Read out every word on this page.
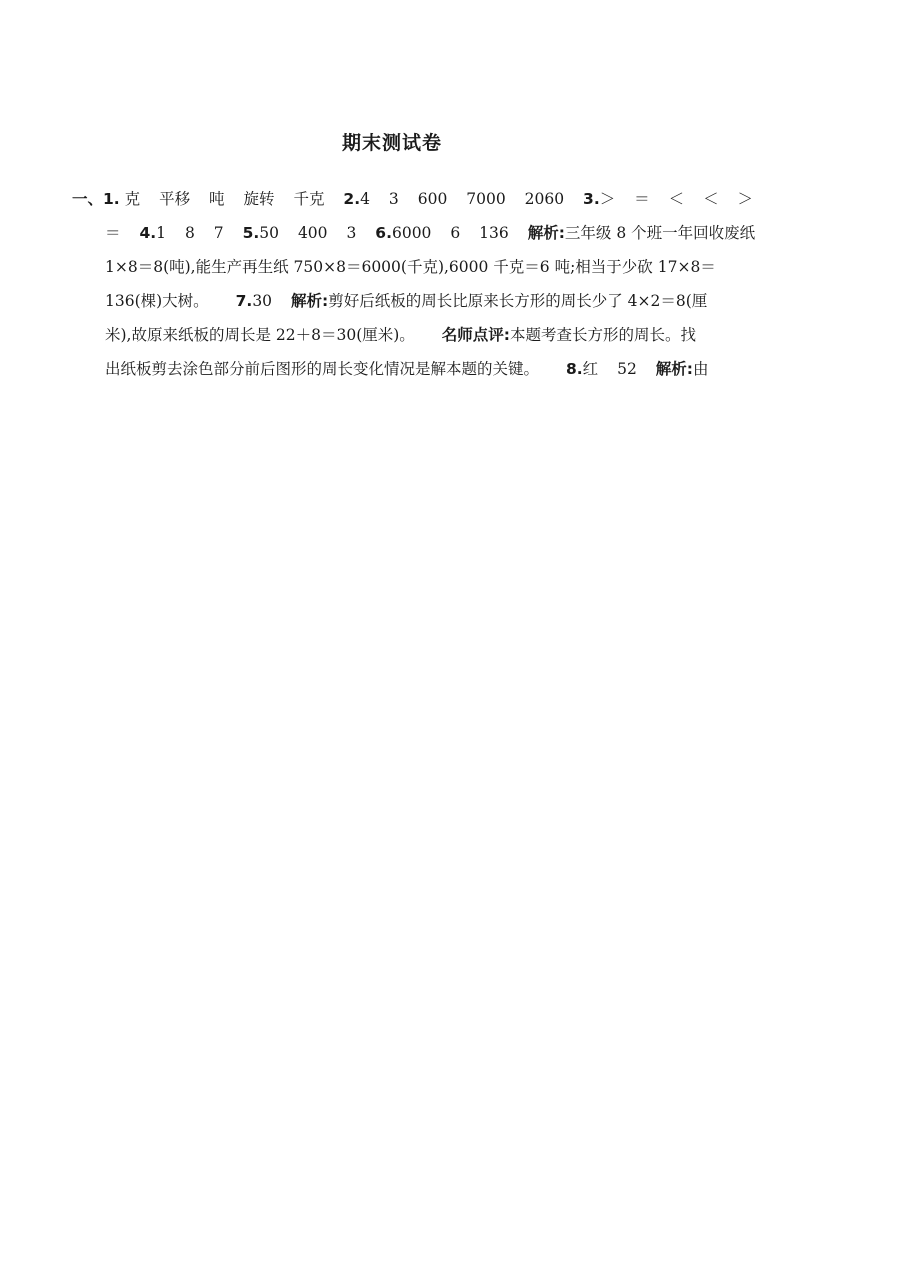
期末测试卷
一、1. 克 平移 吨 旋转 千克 2.4 3 600 7000 2060 3.＞ ＝ ＜ ＜ ＞
＝ 4.1 8 7 5.50 400 3 6.6000 6 136 解析:三年级 8 个班一年回收废纸
1×8＝8(吨),能生产再生纸 750×8＝6000(千克),6000 千克＝6 吨;相当于少砍 17×8＝
136(棵)大树。 7.30 解析:剪好后纸板的周长比原来长方形的周长少了 4×2＝8(厘
米),故原来纸板的周长是 22＋8＝30(厘米)。 名师点评:本题考查长方形的周长。找
出纸板剪去涂色部分前后图形的周长变化情况是解本题的关键。 8.红 52 解析:由
